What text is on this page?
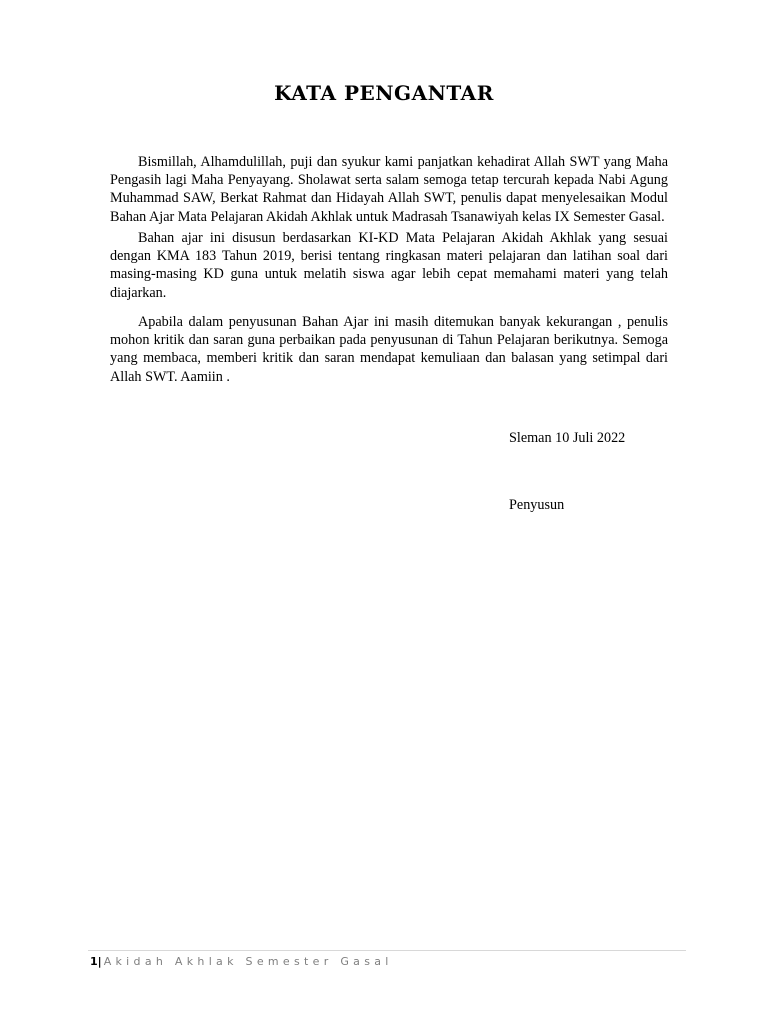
KATA PENGANTAR

Bismillah, Alhamdulillah, puji dan syukur kami panjatkan kehadirat Allah SWT yang Maha Pengasih lagi Maha Penyayang. Sholawat serta salam semoga tetap tercurah kepada Nabi Agung Muhammad SAW, Berkat Rahmat dan Hidayah Allah SWT, penulis dapat menyelesaikan Modul Bahan Ajar Mata Pelajaran Akidah Akhlak untuk Madrasah Tsanawiyah kelas IX Semester Gasal.

Bahan ajar ini disusun berdasarkan KI-KD Mata Pelajaran Akidah Akhlak yang sesuai dengan KMA 183 Tahun 2019, berisi tentang ringkasan materi pelajaran dan latihan soal dari masing-masing KD guna untuk melatih siswa agar lebih cepat memahami materi yang telah diajarkan.

Apabila dalam penyusunan Bahan Ajar ini masih ditemukan banyak kekurangan , penulis mohon kritik dan saran guna perbaikan pada penyusunan di Tahun Pelajaran berikutnya. Semoga yang membaca, memberi kritik dan saran mendapat kemuliaan dan balasan yang setimpal dari Allah SWT. Aamiin .

Sleman 10 Juli 2022
Penyusun
1| Akidah Akhlak Semester Gasal
